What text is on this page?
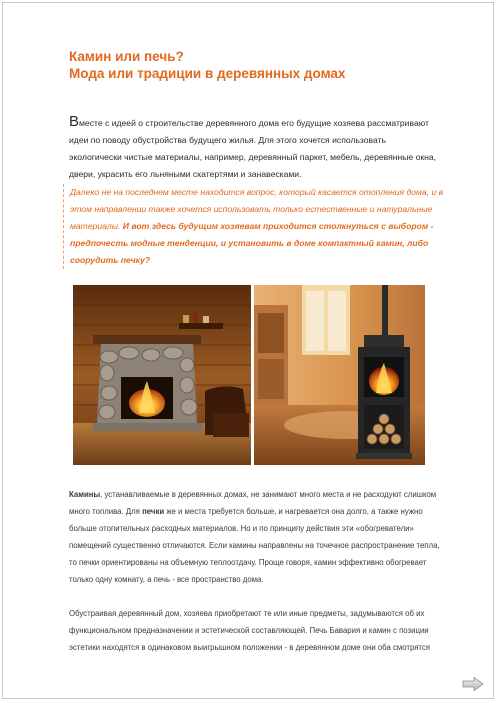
Камин или печь?
Мода или традиции в деревянных домах
Вместе с идеей о строительстве деревянного дома его будущие хозяева рассматривают идеи по поводу обустройства будущего жилья. Для этого хочется использовать экологически чистые материалы, например, деревянный паркет, мебель, деревянные окна, двери, украсить его льняными скатертями и занавесками.
Далеко не на последнем месте находится вопрос, который касается отопления дома, и в этом направлении также хочется использовать только естественные и натуральные материалы. И вот здесь будущим хозяевам приходится столкнуться с выбором - предпочесть модные тенденции, и установить в доме компактный камин, либо соорудить печку?

Камины, устанавливаемые в деревянных домах, не занимают много места и не расходуют слишком много топлива. Для печки же и места требуется больше, и нагревается она долго, а также нужно больше отопительных расходных материалов. Но и по принципу действия эти «обогреватели» помещений существенно отличаются. Если камины направлены на точечное распространение тепла, то печки ориентированы на объемную теплоотдачу. Проще говоря, камин эффективно обогревает только одну комнату, а печь - все пространство дома.

Обустраивая деревянный дом, хозяева приобретают те или иные предметы, задумываются об их функциональном предназначении и эстетической составляющей. Печь Бавария и камин с позиции эстетики находятся в одинаковом выигрышном положении - в деревянном доме они оба смотрятся
